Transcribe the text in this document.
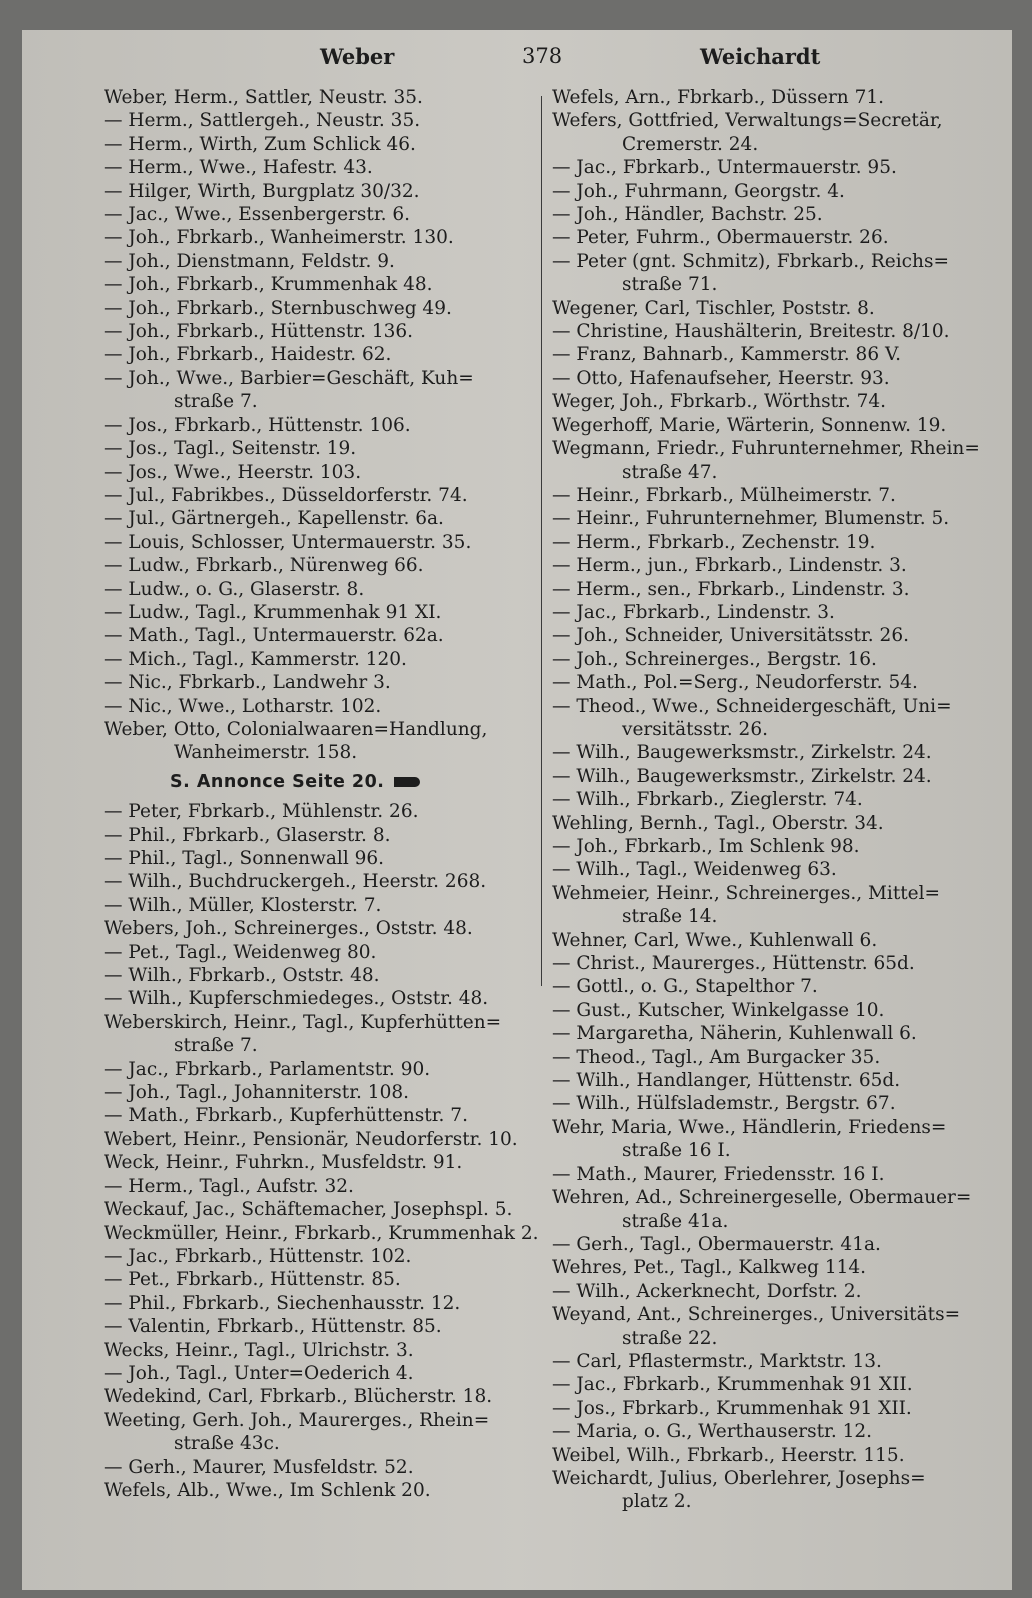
Weber	378	Weichardt
Weber, Herm., Sattler, Neustr. 35.
— Herm., Sattlergeh., Neustr. 35.
— Herm., Wirth, Zum Schlick 46.
— Herm., Wwe., Hafestr. 43.
— Hilger, Wirth, Burgplatz 30/32.
— Jac., Wwe., Essenbergerstr. 6.
— Joh., Fbrkarb., Wanheimerstr. 130.
— Joh., Dienstmann, Feldstr. 9.
— Joh., Fbrkarb., Krummenhak 48.
— Joh., Fbrkarb., Sternbuschweg 49.
— Joh., Fbrkarb., Hüttenstr. 136.
— Joh., Fbrkarb., Haidestr. 62.
— Joh., Wwe., Barbier=Geschäft, Kuh=
straße 7.
— Jos., Fbrkarb., Hüttenstr. 106.
— Jos., Tagl., Seitenstr. 19.
— Jos., Wwe., Heerstr. 103.
— Jul., Fabrikbes., Düsseldorferstr. 74.
— Jul., Gärtnergeh., Kapellenstr. 6a.
— Louis, Schlosser, Untermauerstr. 35.
— Ludw., Fbrkarb., Nürenweg 66.
— Ludw., o. G., Glaserstr. 8.
— Ludw., Tagl., Krummenhak 91 XI.
— Math., Tagl., Untermauerstr. 62a.
— Mich., Tagl., Kammerstr. 120.
— Nic., Fbrkarb., Landwehr 3.
— Nic., Wwe., Lotharstr. 102.
Weber, Otto, Colonialwaaren=Handlung,
Wanheimerstr. 158.
S. Annonce Seite 20.
— Peter, Fbrkarb., Mühlenstr. 26.
— Phil., Fbrkarb., Glaserstr. 8.
— Phil., Tagl., Sonnenwall 96.
— Wilh., Buchdruckergeh., Heerstr. 268.
— Wilh., Müller, Klosterstr. 7.
Webers, Joh., Schreinerges., Oststr. 48.
— Pet., Tagl., Weidenweg 80.
— Wilh., Fbrkarb., Oststr. 48.
— Wilh., Kupferschmiedeges., Oststr. 48.
Weberskirch, Heinr., Tagl., Kupferhütten=
straße 7.
— Jac., Fbrkarb., Parlamentstr. 90.
— Joh., Tagl., Johanniterstr. 108.
— Math., Fbrkarb., Kupferhüttenstr. 7.
Webert, Heinr., Pensionär, Neudorferstr. 10.
Weck, Heinr., Fuhrkn., Musfeldstr. 91.
— Herm., Tagl., Aufstr. 32.
Weckauf, Jac., Schäftemacher, Josephspl. 5.
Weckmüller, Heinr., Fbrkarb., Krummenhak 2.
— Jac., Fbrkarb., Hüttenstr. 102.
— Pet., Fbrkarb., Hüttenstr. 85.
— Phil., Fbrkarb., Siechenhausstr. 12.
— Valentin, Fbrkarb., Hüttenstr. 85.
Wecks, Heinr., Tagl., Ulrichstr. 3.
— Joh., Tagl., Unter=Oederich 4.
Wedekind, Carl, Fbrkarb., Blücherstr. 18.
Weeting, Gerh. Joh., Maurerges., Rhein=
straße 43c.
— Gerh., Maurer, Musfeldstr. 52.
Wefels, Alb., Wwe., Im Schlenk 20.
Wefels, Arn., Fbrkarb., Düssern 71.
Wefers, Gottfried, Verwaltungs=Secretär,
Cremerstr. 24.
— Jac., Fbrkarb., Untermauerstr. 95.
— Joh., Fuhrmann, Georgstr. 4.
— Joh., Händler, Bachstr. 25.
— Peter, Fuhrm., Obermauerstr. 26.
— Peter (gnt. Schmitz), Fbrkarb., Reichs=
straße 71.
Wegener, Carl, Tischler, Poststr. 8.
— Christine, Haushälterin, Breitestr. 8/10.
— Franz, Bahnarb., Kammerstr. 86 V.
— Otto, Hafenaufseher, Heerstr. 93.
Weger, Joh., Fbrkarb., Wörthstr. 74.
Wegerhoff, Marie, Wärterin, Sonnenw. 19.
Wegmann, Friedr., Fuhrunternehmer, Rhein=
straße 47.
— Heinr., Fbrkarb., Mülheimerstr. 7.
— Heinr., Fuhrunternehmer, Blumenstr. 5.
— Herm., Fbrkarb., Zechenstr. 19.
— Herm., jun., Fbrkarb., Lindenstr. 3.
— Herm., sen., Fbrkarb., Lindenstr. 3.
— Jac., Fbrkarb., Lindenstr. 3.
— Joh., Schneider, Universitätsstr. 26.
— Joh., Schreinerges., Bergstr. 16.
— Math., Pol.=Serg., Neudorferstr. 54.
— Theod., Wwe., Schneidergeschäft, Uni=
versitätsstr. 26.
— Wilh., Baugewerksmstr., Zirkelstr. 24.
— Wilh., Baugewerksmstr., Zirkelstr. 24.
— Wilh., Fbrkarb., Zieglerstr. 74.
Wehling, Bernh., Tagl., Oberstr. 34.
— Joh., Fbrkarb., Im Schlenk 98.
— Wilh., Tagl., Weidenweg 63.
Wehmeier, Heinr., Schreinerges., Mittel=
straße 14.
Wehner, Carl, Wwe., Kuhlenwall 6.
— Christ., Maurerges., Hüttenstr. 65d.
— Gottl., o. G., Stapelthor 7.
— Gust., Kutscher, Winkelgasse 10.
— Margaretha, Näherin, Kuhlenwall 6.
— Theod., Tagl., Am Burgacker 35.
— Wilh., Handlanger, Hüttenstr. 65d.
— Wilh., Hülfslademstr., Bergstr. 67.
Wehr, Maria, Wwe., Händlerin, Friedens=
straße 16 I.
— Math., Maurer, Friedensstr. 16 I.
Wehren, Ad., Schreinergeselle, Obermauer=
straße 41a.
— Gerh., Tagl., Obermauerstr. 41a.
Wehres, Pet., Tagl., Kalkweg 114.
— Wilh., Ackerknecht, Dorfstr. 2.
Weyand, Ant., Schreinerges., Universitäts=
straße 22.
— Carl, Pflastermstr., Marktstr. 13.
— Jac., Fbrkarb., Krummenhak 91 XII.
— Jos., Fbrkarb., Krummenhak 91 XII.
— Maria, o. G., Werthauserstr. 12.
Weibel, Wilh., Fbrkarb., Heerstr. 115.
Weichardt, Julius, Oberlehrer, Josephs=
platz 2.
